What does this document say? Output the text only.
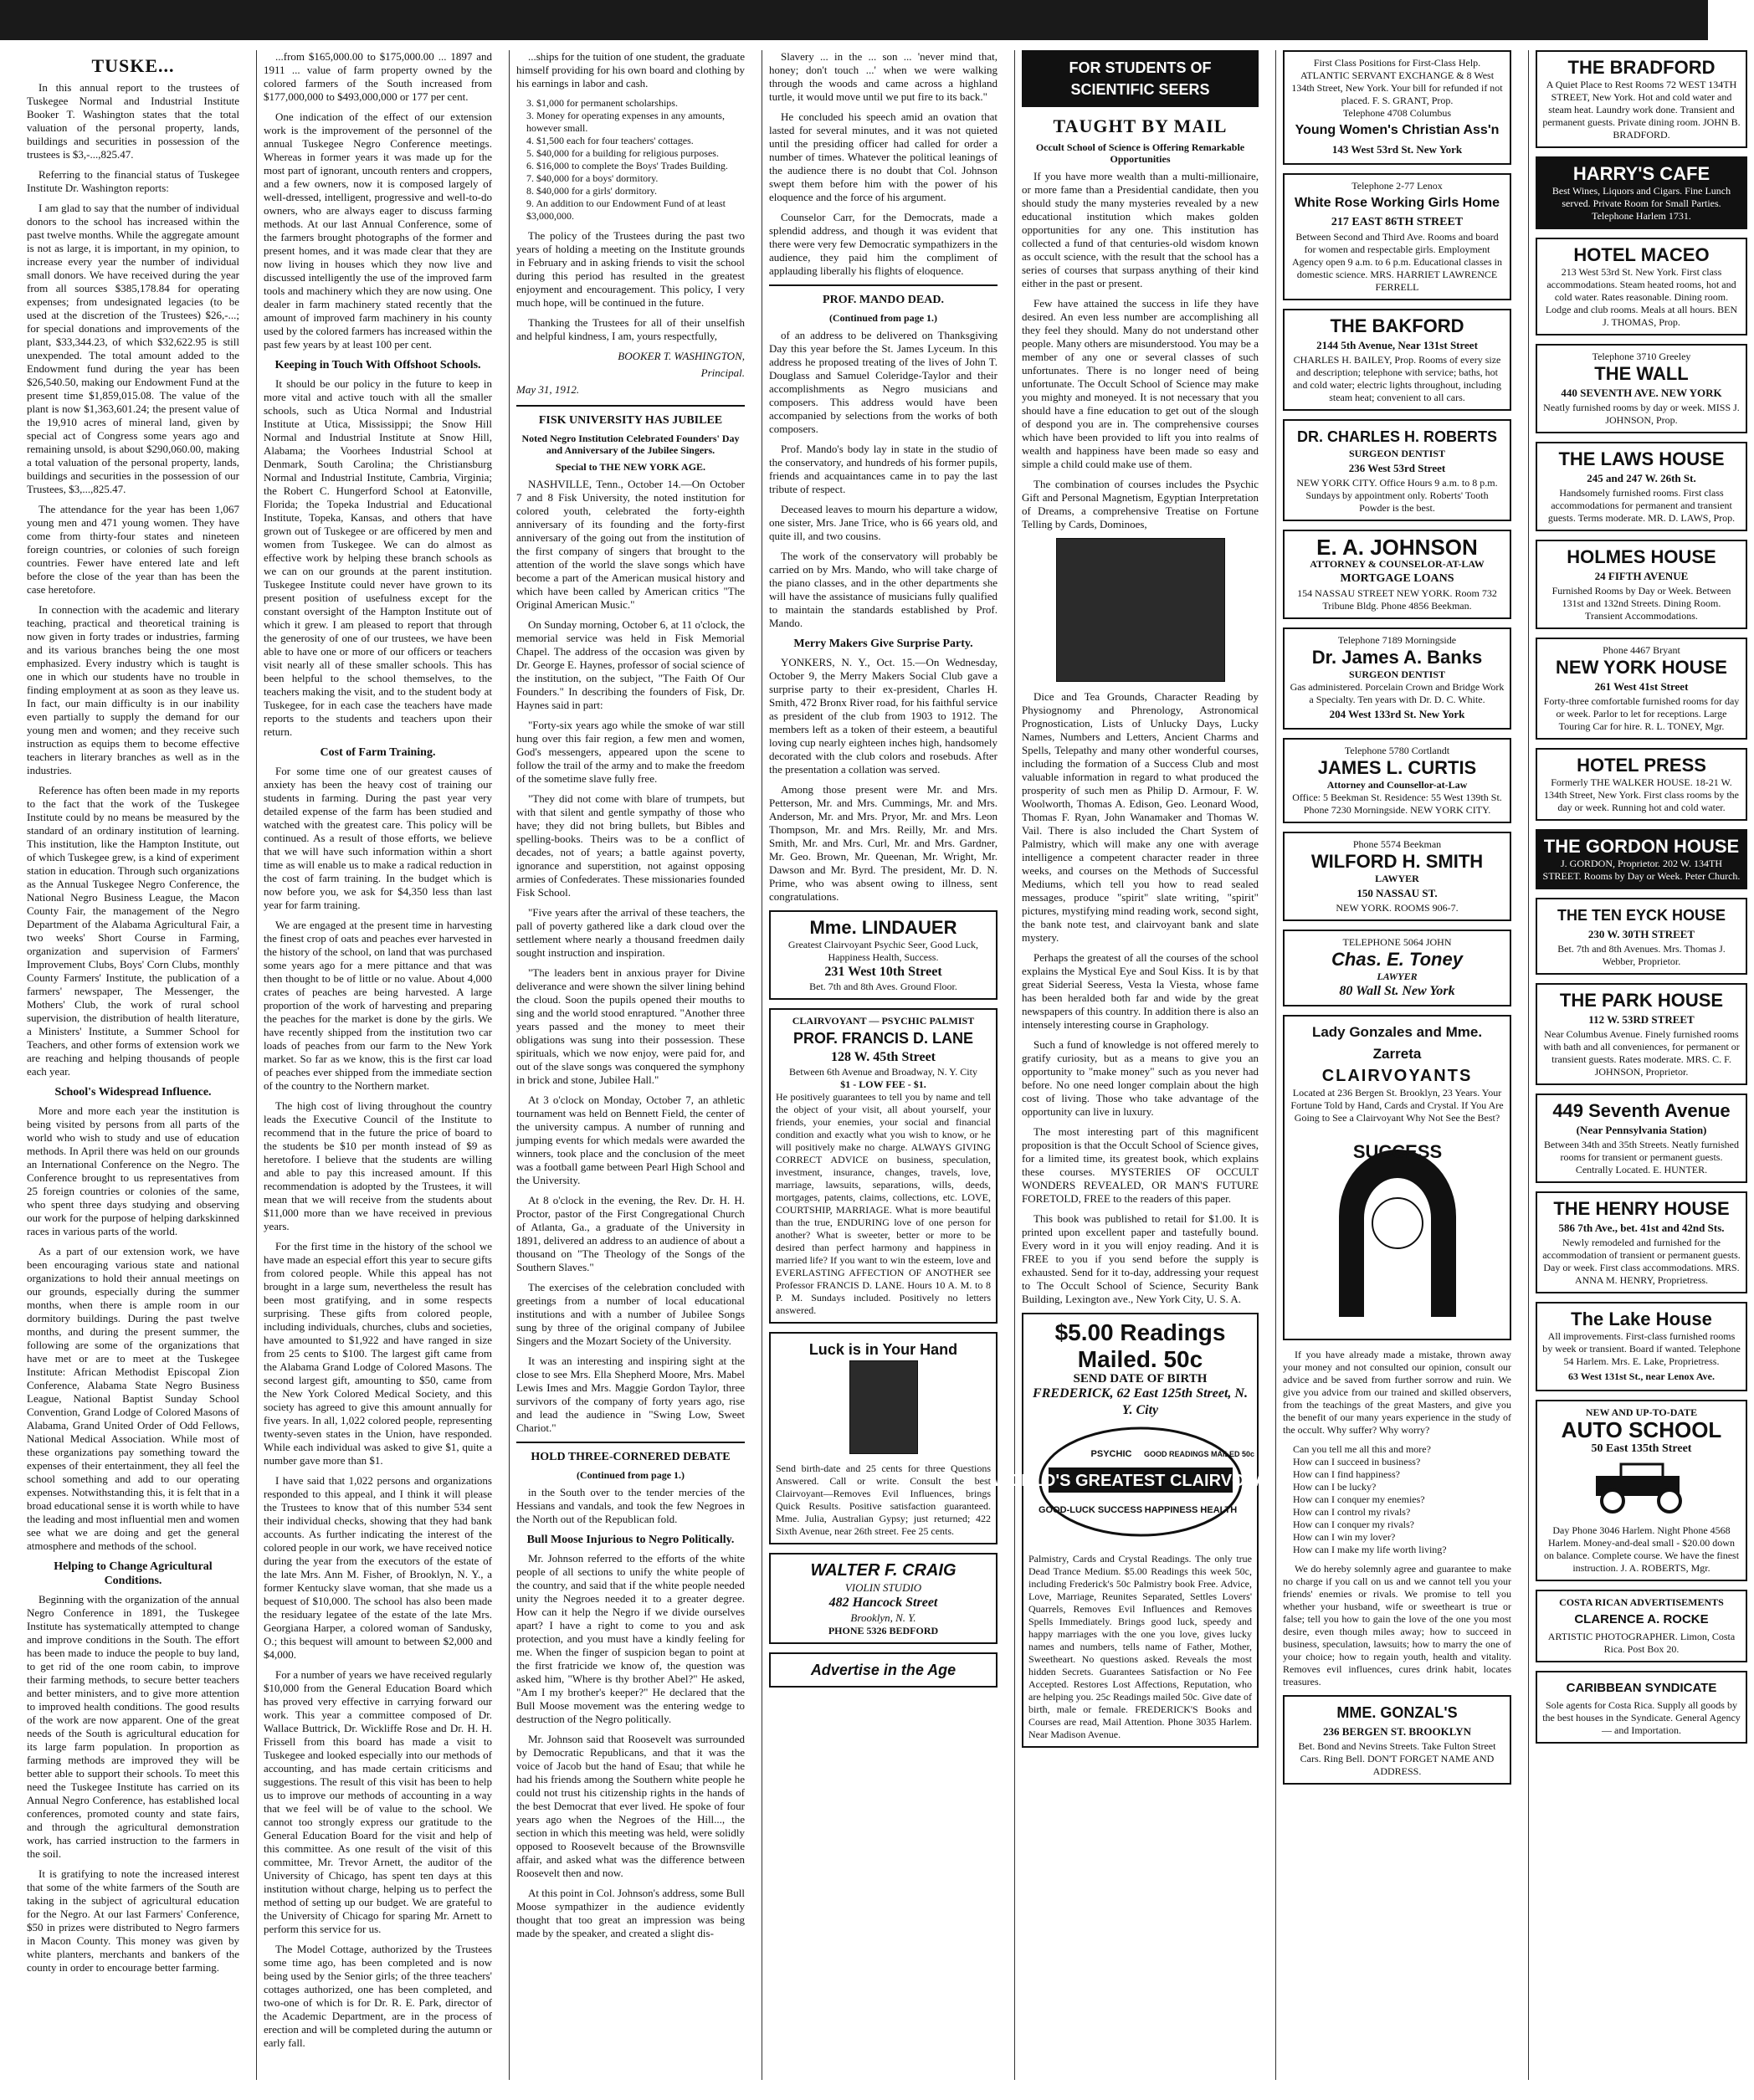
TUSKE...

In this annual report to the trustees of Tuskegee Normal and Industrial Institute Booker T. Washington states that the total valuation of the personal property, lands, buildings and securities in possession of the trustees is $3,-...,825.47.

Referring to the financial status of Tuskegee Institute Dr. Washington reports:

I am glad to say that the number of individual donors to the school has increased within the past twelve months. While the aggregate amount is not as large, it is important, in my opinion, to increase every year the number of individual small donors. We have received during the year from all sources $385,178.84 for operating expenses; from undesignated legacies (to be used at the discretion of the Trustees) $26,-...; for special donations and improvements of the plant, $33,344.23, of which $32,622.95 is still unexpended. The total amount added to the Endowment fund during the year has been $26,540.50, making our Endowment Fund at the present time $1,859,015.08. The value of the plant is now $1,363,601.24; the present value of the 19,910 acres of mineral land, given by special act of Congress some years ago and remaining unsold, is about $290,060.00, making a total valuation of the personal property, lands, buildings and securities in the possession of our Trustees, $3,...,825.47.

The attendance for the year has been 1,067 young men and 471 young women. They have come from thirty-four states and nineteen foreign countries, or colonies of such foreign countries. Fewer have entered late and left before the close of the year than has been the case heretofore.

In connection with the academic and literary teaching, practical and theoretical training is now given in forty trades or industries, farming and its various branches being the one most emphasized. Every industry which is taught is one in which our students have no trouble in finding employment at as soon as they leave us. In fact, our main difficulty is in our inability even partially to supply the demand for our young men and women; and they receive such instruction as equips them to become effective teachers in literary branches as well as in the industries.

Reference has often been made in my reports to the fact that the work of the Tuskegee Institute could by no means be measured by the standard of an ordinary institution of learning. This institution, like the Hampton Institute, out of which Tuskegee grew, is a kind of experiment station in education. Through such organizations as the Annual Tuskegee Negro Conference, the National Negro Business League, the Macon County Fair, the management of the Negro Department of the Alabama Agricultural Fair, a two weeks' Short Course in Farming, organization and supervision of Farmers' Improvement Clubs, Boys' Corn Clubs, monthly County Farmers' Institute, the publication of a farmers' newspaper, The Messenger, the Mothers' Club, the work of rural school supervision, the distribution of health literature, a Ministers' Institute, a Summer School for Teachers, and other forms of extension work we are reaching and helping thousands of people each year.

School's Widespread Influence.

More and more each year the institution is being visited by persons from all parts of the world who wish to study and use of education methods. In April there was held on our grounds an International Conference on the Negro. The Conference brought to us representatives from 25 foreign countries or colonies of the same, who spent three days studying and observing our work for the purpose of helping darkskinned races in various parts of the world.

As a part of our extension work, we have been encouraging various state and national organizations to hold their annual meetings on our grounds, especially during the summer months, when there is ample room in our dormitory buildings. During the past twelve months, and during the present summer, the following are some of the organizations that have met or are to meet at the Tuskegee Institute: African Methodist Episcopal Zion Conference, Alabama State Negro Business League, National Baptist Sunday School Convention, Grand Lodge of Colored Masons of Alabama, Grand United Order of Odd Fellows, National Medical Association. While most of these organizations pay something toward the expenses of their entertainment, they all feel the school something and add to our operating expenses. Notwithstanding this, it is felt that in a broad educational sense it is worth while to have the leading and most influential men and women see what we are doing and get the general atmosphere and methods of the school.

Helping to Change Agricultural Conditions.

Beginning with the organization of the annual Negro Conference in 1891, the Tuskegee Institute has systematically attempted to change and improve conditions in the South. The effort has been made to induce the people to buy land, to get rid of the one room cabin, to improve their farming methods, to secure better teachers and better ministers, and to give more attention to improved health conditions. The good results of the work are now apparent. One of the great needs of the South is agricultural education for its large farm population. In proportion as farming methods are improved they will be better able to support their schools. To meet this need the Tuskegee Institute has carried on its Annual Negro Conference, has established local conferences, promoted county and state fairs, and through the agricultural demonstration work, has carried instruction to the farmers in the soil.

It is gratifying to note the increased interest that some of the white farmers of the South are taking in the subject of agricultural education for the Negro. At our last Farmers' Conference, $50 in prizes were distributed to Negro farmers in Macon County. This money was given by white planters, merchants and bankers of the county in order to encourage better farming.

...from $165,000.00 to $175,000.00 ... 1897 and 1911 ... value of farm property owned by the colored farmers of the South increased from $177,000,000 to $493,000,000 or 177 per cent.

One indication of the effect of our extension work is the improvement of the personnel of the annual Tuskegee Negro Conference meetings. Whereas in former years it was made up for the most part of ignorant, uncouth renters and croppers, and a few owners, now it is composed largely of well-dressed, intelligent, progressive and well-to-do owners, who are always eager to discuss farming methods. At our last Annual Conference, some of the farmers brought photographs of the former and present homes, and it was made clear that they are now living in houses which they now live and discussed intelligently the use of the improved farm tools and machinery which they are now using. One dealer in farm machinery stated recently that the amount of improved farm machinery in his county used by the colored farmers has increased within the past few years by at least 100 per cent.

Keeping in Touch With Offshoot Schools.

It should be our policy in the future to keep in more vital and active touch with all the smaller schools, such as Utica Normal and Industrial Institute at Utica, Mississippi; the Snow Hill Normal and Industrial Institute at Snow Hill, Alabama; the Voorhees Industrial School at Denmark, South Carolina; the Christiansburg Normal and Industrial Institute, Cambria, Virginia; the Robert C. Hungerford School at Eatonville, Florida; the Topeka Industrial and Educational Institute, Topeka, Kansas, and others that have grown out of Tuskegee or are officered by men and women from Tuskegee. We can do almost as effective work by helping these branch schools as we can on our grounds at the parent institution. Tuskegee Institute could never have grown to its present position of usefulness except for the constant oversight of the Hampton Institute out of which it grew. I am pleased to report that through the generosity of one of our trustees, we have been able to have one or more of our officers or teachers visit nearly all of these smaller schools. This has been helpful to the school themselves, to the teachers making the visit, and to the student body at Tuskegee, for in each case the teachers have made reports to the students and teachers upon their return.

Cost of Farm Training.

For some time one of our greatest causes of anxiety has been the heavy cost of training our students in farming. During the past year very detailed expense of the farm has been studied and watched with the greatest care. This policy will be continued. As a result of those efforts, we believe that we will have such information within a short time as will enable us to make a radical reduction in the cost of farm training. In the budget which is now before you, we ask for $4,350 less than last year for farm training.

We are engaged at the present time in harvesting the finest crop of oats and peaches ever harvested in the history of the school, on land that was purchased some years ago for a mere pittance and that was then thought to be of little or no value. About 4,000 crates of peaches are being harvested. A large proportion of the work of harvesting and preparing the peaches for the market is done by the girls. We have recently shipped from the institution two car loads of peaches from our farm to the New York market. So far as we know, this is the first car load of peaches ever shipped from the immediate section of the country to the Northern market.

The high cost of living throughout the country leads the Executive Council of the Institute to recommend that in the future the price of board to the students be $10 per month instead of $9 as heretofore. I believe that the students are willing and able to pay this increased amount. If this recommendation is adopted by the Trustees, it will mean that we will receive from the students about $11,000 more than we have received in previous years.

For the first time in the history of the school we have made an especial effort this year to secure gifts from colored people. While this appeal has not brought in a large sum, nevertheless the result has been most gratifying, and in some respects surprising. These gifts from colored people, including individuals, churches, clubs and societies, have amounted to $1,922 and have ranged in size from 25 cents to $100. The largest gift came from the Alabama Grand Lodge of Colored Masons. The second largest gift, amounting to $50, came from the New York Colored Medical Society, and this society has agreed to give this amount annually for five years. In all, 1,022 colored people, representing twenty-seven states in the Union, have responded. While each individual was asked to give $1, quite a number gave more than $1.

I have said that 1,022 persons and organizations responded to this appeal, and I think it will please the Trustees to know that of this number 534 sent their individual checks, showing that they had bank accounts. As further indicating the interest of the colored people in our work, we have received notice during the year from the executors of the estate of the late Mrs. Ann M. Fisher, of Brooklyn, N. Y., a former Kentucky slave woman, that she made us a bequest of $10,000. The school has also been made the residuary legatee of the estate of the late Mrs. Georgiana Harper, a colored woman of Sandusky, O.; this bequest will amount to between $2,000 and $4,000.

For a number of years we have received regularly $10,000 from the General Education Board which has proved very effective in carrying forward our work. This year a committee composed of Dr. Wallace Buttrick, Dr. Wickliffe Rose and Dr. H. H. Frissell from this board has made a visit to Tuskegee and looked especially into our methods of accounting, and has made certain criticisms and suggestions. The result of this visit has been to help us to improve our methods of accounting in a way that we feel will be of value to the school. We cannot too strongly express our gratitude to the General Education Board for the visit and help of this committee. As one result of the visit of this committee, Mr. Trevor Arnett, the auditor of the University of Chicago, has spent ten days at this institution without charge, helping us to perfect the method of setting up our budget. We are grateful to the University of Chicago for sparing Mr. Arnett to perform this service for us.

The Model Cottage, authorized by the Trustees some time ago, has been completed and is now being used by the Senior girls; of the three teachers' cottages authorized, one has been completed, and two-one of which is for Dr. R. E. Park, director of the Academic Department, are in the process of erection and will be completed during the autumn or early fall.

...ships for the tuition of one student, the graduate himself providing for his own board and clothing by his earnings in labor and cash.

3. $1,000 for permanent scholarships.
3. Money for operating expenses in any amounts, however small.
4. $1,500 each for four teachers' cottages.
5. $40,000 for a building for religious purposes.
6. $16,000 to complete the Boys' Trades Building.
7. $40,000 for a boys' dormitory.
8. $40,000 for a girls' dormitory.
9. An addition to our Endowment Fund of at least $3,000,000.

The policy of the Trustees during the past two years of holding a meeting on the Institute grounds in February and in asking friends to visit the school during this period has resulted in the greatest enjoyment and encouragement. This policy, I very much hope, will be continued in the future.

Thanking the Trustees for all of their unselfish and helpful kindness, I am, yours respectfully,

BOOKER T. WASHINGTON,
Principal.
May 31, 1912.
FISK UNIVERSITY HAS JUBILEE
Noted Negro Institution Celebrated Founders' Day and Anniversary of the Jubilee Singers.
Special to THE NEW YORK AGE.

NASHVILLE, Tenn., October 14.—On October 7 and 8 Fisk University, the noted institution for colored youth, celebrated the forty-eighth anniversary of its founding and the forty-first anniversary of the going out from the institution of the first company of singers that brought to the attention of the world the slave songs which have become a part of the American musical history and which have been called by American critics "The Original American Music."

On Sunday morning, October 6, at 11 o'clock, the memorial service was held in Fisk Memorial Chapel. The address of the occasion was given by Dr. George E. Haynes, professor of social science of the institution, on the subject, "The Faith Of Our Founders." In describing the founders of Fisk, Dr. Haynes said in part:

"Forty-six years ago while the smoke of war still hung over this fair region, a few men and women, God's messengers, appeared upon the scene to follow the trail of the army and to make the freedom of the sometime slave fully free.

"They did not come with blare of trumpets, but with that silent and gentle sympathy of those who have; they did not bring bullets, but Bibles and spelling-books. Theirs was to be a conflict of decades, not of years; a battle against poverty, ignorance and superstition, not against opposing armies of Confederates. These missionaries founded Fisk School.

"Five years after the arrival of these teachers, the pall of poverty gathered like a dark cloud over the settlement where nearly a thousand freedmen daily sought instruction and inspiration.

"The leaders bent in anxious prayer for Divine deliverance and were shown the silver lining behind the cloud. Soon the pupils opened their mouths to sing and the world stood enraptured. "Another three years passed and the money to meet their obligations was sung into their possession. These spirituals, which we now enjoy, were paid for, and out of the slave songs was conquered the symphony in brick and stone, Jubilee Hall."

At 3 o'clock on Monday, October 7, an athletic tournament was held on Bennett Field, the center of the university campus. A number of running and jumping events for which medals were awarded the winners, took place and the conclusion of the meet was a football game between Pearl High School and the University.

At 8 o'clock in the evening, the Rev. Dr. H. H. Proctor, pastor of the First Congregational Church of Atlanta, Ga., a graduate of the University in 1891, delivered an address to an audience of about a thousand on "The Theology of the Songs of the Southern Slaves."

The exercises of the celebration concluded with greetings from a number of local educational institutions and with a number of Jubilee Songs sung by three of the original company of Jubilee Singers and the Mozart Society of the University.

It was an interesting and inspiring sight at the close to see Mrs. Ella Shepherd Moore, Mrs. Mabel Lewis Imes and Mrs. Maggie Gordon Taylor, three survivors of the company of forty years ago, rise and lead the audience in "Swing Low, Sweet Chariot."

HOLD THREE-CORNERED DEBATE
(Continued from page 1.)

in the South over to the tender mercies of the Hessians and vandals, and took the few Negroes in the North out of the Republican fold.

Bull Moose Injurious to Negro Politically.

Mr. Johnson referred to the efforts of the white people of all sections to unify the white people of the country, and said that if the white people needed unity the Negroes needed it to a greater degree. How can it help the Negro if we divide ourselves apart? I have a right to come to you and ask protection, and you must have a kindly feeling for me. When the finger of suspicion began to point at the first fratricide we know of, the question was asked him, "Where is thy brother Abel?" He asked, "Am I my brother's keeper?" He declared that the Bull Moose movement was the entering wedge to destruction of the Negro politically.

Mr. Johnson said that Roosevelt was surrounded by Democratic Republicans, and that it was the voice of Jacob but the hand of Esau; that while he had his friends among the Southern white people he could not trust his citizenship rights in the hands of the best Democrat that ever lived. He spoke of four years ago when the Negroes of the Hill..., the section in which this meeting was held, were solidly opposed to Roosevelt because of the Brownsville affair, and asked what was the difference between Roosevelt then and now.

At this point in Col. Johnson's address, some Bull Moose sympathizer in the audience evidently thought that too great an impression was being made by the speaker, and created a slight dis-

Slavery ... in the ... son ... 'never mind that, honey; don't touch ...' when we were walking through the woods and came across a highland turtle, it would move until we put fire to its back."

He concluded his speech amid an ovation that lasted for several minutes, and it was not quieted until the presiding officer had called for order a number of times. Whatever the political leanings of the audience there is no doubt that Col. Johnson swept them before him with the power of his eloquence and the force of his argument.

Counselor Carr, for the Democrats, made a splendid address, and though it was evident that there were very few Democratic sympathizers in the audience, they paid him the compliment of applauding liberally his flights of eloquence.

PROF. MANDO DEAD.
(Continued from page 1.)

of an address to be delivered on Thanksgiving Day this year before the St. James Lyceum. In this address he proposed treating of the lives of John T. Douglass and Samuel Coleridge-Taylor and their accomplishments as Negro musicians and composers. This address would have been accompanied by selections from the works of both composers.

Prof. Mando's body lay in state in the studio of the conservatory, and hundreds of his former pupils, friends and acquaintances came in to pay the last tribute of respect.

Deceased leaves to mourn his departure a widow, one sister, Mrs. Jane Trice, who is 66 years old, and quite ill, and two cousins.

The work of the conservatory will probably be carried on by Mrs. Mando, who will take charge of the piano classes, and in the other departments she will have the assistance of musicians fully qualified to maintain the standards established by Prof. Mando.

Merry Makers Give Surprise Party.

YONKERS, N. Y., Oct. 15.—On Wednesday, October 9, the Merry Makers Social Club gave a surprise party to their ex-president, Charles H. Smith, 472 Bronx River road, for his faithful service as president of the club from 1903 to 1912. The members left as a token of their esteem, a beautiful loving cup nearly eighteen inches high, handsomely decorated with the club colors and rosebuds. After the presentation a collation was served.

Among those present were Mr. and Mrs. Petterson, Mr. and Mrs. Cummings, Mr. and Mrs. Anderson, Mr. and Mrs. Pryor, Mr. and Mrs. Leon Thompson, Mr. and Mrs. Reilly, Mr. and Mrs. Smith, Mr. and Mrs. Curl, Mr. and Mrs. Gardner, Mr. Geo. Brown, Mr. Queenan, Mr. Wright, Mr. Dawson and Mr. Byrd. The president, Mr. D. N. Prime, who was absent owing to illness, sent congratulations.

Mme. LINDAUER
Greatest Clairvoyant Psychic Seer, Good Luck, Happiness Health, Success.
231 West 10th Street
Bet. 7th and 8th Aves. Ground Floor.
CLAIRVOYANT — PSYCHIC PALMIST
PROF. FRANCIS D. LANE
128 W. 45th Street
Between 6th Avenue and Broadway, N. Y. City
$1 - LOW FEE - $1.
He positively guarantees to tell you by name and tell the object of your visit, all about yourself, your friends, your enemies, your social and financial condition and exactly what you wish to know, or he will positively make no charge. ALWAYS GIVING CORRECT ADVICE on business, speculation, investment, insurance, changes, travels, love, marriage, lawsuits, separations, wills, deeds, mortgages, patents, claims, collections, etc. LOVE, COURTSHIP, MARRIAGE. What is more beautiful than the true, ENDURING love of one person for another? What is sweeter, better or more to be desired than perfect harmony and happiness in married life? If you want to win the esteem, love and EVERLASTING AFFECTION OF ANOTHER see Professor FRANCIS D. LANE. Hours 10 A. M. to 8 P. M. Sundays included. Positively no letters answered.
Luck is in Your Hand
Send birth-date and 25 cents for three Questions Answered. Call or write. Consult the best Clairvoyant—Removes Evil Influences, brings Quick Results. Positive satisfaction guaranteed. Mme. Julia, Australian Gypsy; just returned; 422 Sixth Avenue, near 26th street. Fee 25 cents.
WALTER F. CRAIG
VIOLIN STUDIO
482 Hancock Street
Brooklyn, N. Y.
PHONE 5326 BEDFORD
Advertise in the Age
FOR STUDENTS OF SCIENTIFIC SEERS
TAUGHT BY MAIL
Occult School of Science is Offering Remarkable Opportunities

If you have more wealth than a multi-millionaire, or more fame than a Presidential candidate, then you should study the many mysteries revealed by a new educational institution which makes golden opportunities for any one. This institution has collected a fund of that centuries-old wisdom known as occult science, with the result that the school has a series of courses that surpass anything of their kind either in the past or present.

Few have attained the success in life they have desired. An even less number are accomplishing all they feel they should. Many do not understand other people. Many others are misunderstood. You may be a member of any one or several classes of such unfortunates. There is no longer need of being unfortunate. The Occult School of Science may make you mighty and moneyed. It is not necessary that you should have a fine education to get out of the slough of despond you are in. The comprehensive courses which have been provided to lift you into realms of wealth and happiness have been made so easy and simple a child could make use of them.

The combination of courses includes the Psychic Gift and Personal Magnetism, Egyptian Interpretation of Dreams, a comprehensive Treatise on Fortune Telling by Cards, Dominoes,

Dice and Tea Grounds, Character Reading by Physiognomy and Phrenology, Astronomical Prognostication, Lists of Unlucky Days, Lucky Names, Numbers and Letters, Ancient Charms and Spells, Telepathy and many other wonderful courses, including the formation of a Success Club and most valuable information in regard to what produced the prosperity of such men as Philip D. Armour, F. W. Woolworth, Thomas A. Edison, Geo. Leonard Wood, Thomas F. Ryan, John Wanamaker and Thomas W. Vail. There is also included the Chart System of Palmistry, which will make any one with average intelligence a competent character reader in three weeks, and courses on the Methods of Successful Mediums, which tell you how to read sealed messages, produce "spirit" slate writing, "spirit" pictures, mystifying mind reading work, second sight, the bank note test, and clairvoyant bank and slate mystery.

Perhaps the greatest of all the courses of the school explains the Mystical Eye and Soul Kiss. It is by that great Siderial Seeress, Vesta la Viesta, whose fame has been heralded both far and wide by the great newspapers of this country. In addition there is also an intensely interesting course in Graphology.

Such a fund of knowledge is not offered merely to gratify curiosity, but as a means to give you an opportunity to "make money" such as you never had before. No one need longer complain about the high cost of living. Those who take advantage of the opportunity can live in luxury.

The most interesting part of this magnificent proposition is that the Occult School of Science gives, for a limited time, its greatest book, which explains these courses. MYSTERIES OF OCCULT WONDERS REVEALED, OR MAN'S FUTURE FORETOLD, FREE to the readers of this paper.

This book was published to retail for $1.00. It is printed upon excellent paper and tastefully bound. Every word in it you will enjoy reading. And it is FREE to you if you send before the supply is exhausted. Send for it to-day, addressing your request to The Occult School of Science, Security Bank Building, Lexington ave., New York City, U. S. A.

$5.00 Readings Mailed. 50c
SEND DATE OF BIRTH
FREDERICK, 62 East 125th Street, N. Y. City
WORLD'S GREATEST CLAIRVOYANT
GOOD-LUCK SUCCESS HAPPINESS HEALTH
PSYCHIC GOOD READINGS MAILED 50c
Palmistry, Cards and Crystal Readings. The only true Dead Trance Medium. $5.00 Readings this week 50c, including Frederick's 50c Palmistry book Free. Advice, Love, Marriage, Reunites Separated, Settles Lovers' Quarrels, Removes Evil Influences and Removes Spells Immediately. Brings good luck, speedy and happy marriages with the one you love, gives lucky names and numbers, tells name of Father, Mother, Sweetheart. No questions asked. Reveals the most hidden Secrets. Guarantees Satisfaction or No Fee Accepted. Restores Lost Affections, Reputation, who are helping you. 25c Readings mailed 50c. Give date of birth, male or female. FREDERICK'S Books and Courses are read, Mail Attention. Phone 3035 Harlem. Near Madison Avenue.
First Class Positions for First-Class Help. ATLANTIC SERVANT EXCHANGE & 8 West 134th Street, New York. Your bill for refunded if not placed. F. S. GRANT, Prop.
Telephone 4708 Columbus
Young Women's Christian Ass'n
143 West 53rd St. New York
Telephone 2-77 Lenox
White Rose Working Girls Home
217 EAST 86TH STREET
Between Second and Third Ave. Rooms and board for women and respectable girls. Employment Agency open 9 a.m. to 6 p.m. Educational classes in domestic science. MRS. HARRIET LAWRENCE FERRELL
THE BAKFORD
2144 5th Avenue, Near 131st Street
CHARLES H. BAILEY, Prop. Rooms of every size and description; telephone with service; baths, hot and cold water; electric lights throughout, including steam heat; convenient to all cars.
DR. CHARLES H. ROBERTS
SURGEON DENTIST
236 West 53rd Street
NEW YORK CITY. Office Hours 9 a.m. to 8 p.m. Sundays by appointment only. Roberts' Tooth Powder is the best.
E. A. JOHNSON
ATTORNEY & COUNSELOR-AT-LAW
MORTGAGE LOANS
154 NASSAU STREET NEW YORK. Room 732 Tribune Bldg. Phone 4856 Beekman.
Telephone 7189 Morningside
Dr. James A. Banks
SURGEON DENTIST
Gas administered. Porcelain Crown and Bridge Work a Specialty. Ten years with Dr. D. C. White.
204 West 133rd St. New York
Telephone 5780 Cortlandt
JAMES L. CURTIS
Attorney and Counsellor-at-Law
Office: 5 Beekman St. Residence: 55 West 139th St. Phone 7230 Morningside. NEW YORK CITY.
Phone 5574 Beekman
WILFORD H. SMITH
LAWYER
150 NASSAU ST.
NEW YORK. ROOMS 906-7.
TELEPHONE 5064 JOHN
Chas. E. Toney
LAWYER
80 Wall St. New York
Lady Gonzales and Mme. Zarreta
CLAIRVOYANTS
Located at 236 Bergen St. Brooklyn, 23 Years. Your Fortune Told by Hand, Cards and Crystal. If You Are Going to See a Clairvoyant Why Not See the Best?
SUCCESS
LOVE

If you have already made a mistake, thrown away your money and not consulted our opinion, consult our advice and be saved from further sorrow and ruin. We give you advice from our trained and skilled observers, from the teachings of the great Masters, and give you the benefit of our many years experience in the study of the occult. Why suffer? Why worry?

Can you tell me all this and more?
How can I succeed in business?
How can I find happiness?
How can I be lucky?
How can I conquer my enemies?
How can I control my rivals?
How can I conquer my rivals?
How can I win my lover?
How can I make my life worth living?

We do hereby solemnly agree and guarantee to make no charge if you call on us and we cannot tell you your friends' enemies or rivals. We promise to tell you whether your husband, wife or sweetheart is true or false; tell you how to gain the love of the one you most desire, even though miles away; how to succeed in business, speculation, lawsuits; how to marry the one of your choice; how to regain youth, health and vitality. Removes evil influences, cures drink habit, locates treasures.

MME. GONZAL'S
236 BERGEN ST. BROOKLYN
Bet. Bond and Nevins Streets. Take Fulton Street Cars. Ring Bell. DON'T FORGET NAME AND ADDRESS.
THE BRADFORD
A Quiet Place to Rest Rooms 72 WEST 134TH STREET, New York. Hot and cold water and steam heat. Laundry work done. Transient and permanent guests. Private dining room. JOHN B. BRADFORD.
HARRY'S CAFE
Best Wines, Liquors and Cigars. Fine Lunch served. Private Room for Small Parties. Telephone Harlem 1731.
HOTEL MACEO
213 West 53rd St. New York. First class accommodations. Steam heated rooms, hot and cold water. Rates reasonable. Dining room. Lodge and club rooms. Meals at all hours. BEN J. THOMAS, Prop.
Telephone 3710 Greeley
THE WALL
440 SEVENTH AVE. NEW YORK
Neatly furnished rooms by day or week. MISS J. JOHNSON, Prop.
THE LAWS HOUSE
245 and 247 W. 26th St.
Handsomely furnished rooms. First class accommodations for permanent and transient guests. Terms moderate. MR. D. LAWS, Prop.
HOLMES HOUSE
24 FIFTH AVENUE
Furnished Rooms by Day or Week. Between 131st and 132nd Streets. Dining Room. Transient Accommodations.
Phone 4467 Bryant
NEW YORK HOUSE
261 West 41st Street
Forty-three comfortable furnished rooms for day or week. Parlor to let for receptions. Large Touring Car for hire. R. L. TONEY, Mgr.
HOTEL PRESS
Formerly THE WALKER HOUSE. 18-21 W. 134th Street, New York. First class rooms by the day or week. Running hot and cold water.
THE GORDON HOUSE
J. GORDON, Proprietor. 202 W. 134TH STREET. Rooms by Day or Week. Peter Church.
THE TEN EYCK HOUSE
230 W. 30TH STREET
Bet. 7th and 8th Avenues. Mrs. Thomas J. Webber, Proprietor.
THE PARK HOUSE
112 W. 53RD STREET
Near Columbus Avenue. Finely furnished rooms with bath and all conveniences, for permanent or transient guests. Rates moderate. MRS. C. F. JOHNSON, Proprietor.
449 Seventh Avenue
(Near Pennsylvania Station)
Between 34th and 35th Streets. Neatly furnished rooms for transient or permanent guests. Centrally Located. E. HUNTER.
THE HENRY HOUSE
586 7th Ave., bet. 41st and 42nd Sts.
Newly remodeled and furnished for the accommodation of transient or permanent guests. Day or week. First class accommodations. MRS. ANNA M. HENRY, Proprietress.
The Lake House
All improvements. First-class furnished rooms by week or transient. Board if wanted. Telephone 54 Harlem. Mrs. E. Lake, Proprietress.
63 West 131st St., near Lenox Ave.
NEW AND UP-TO-DATE
AUTO SCHOOL
50 East 135th Street
Day Phone 3046 Harlem. Night Phone 4568 Harlem. Money-and-deal small - $20.00 down on balance. Complete course. We have the finest instruction. J. A. ROBERTS, Mgr.
COSTA RICAN ADVERTISEMENTS
CLARENCE A. ROCKE
ARTISTIC PHOTOGRAPHER. Limon, Costa Rica. Post Box 20.
CARIBBEAN SYNDICATE
Sole agents for Costa Rica. Supply all goods by the best houses in the Syndicate. General Agency — and Importation.
